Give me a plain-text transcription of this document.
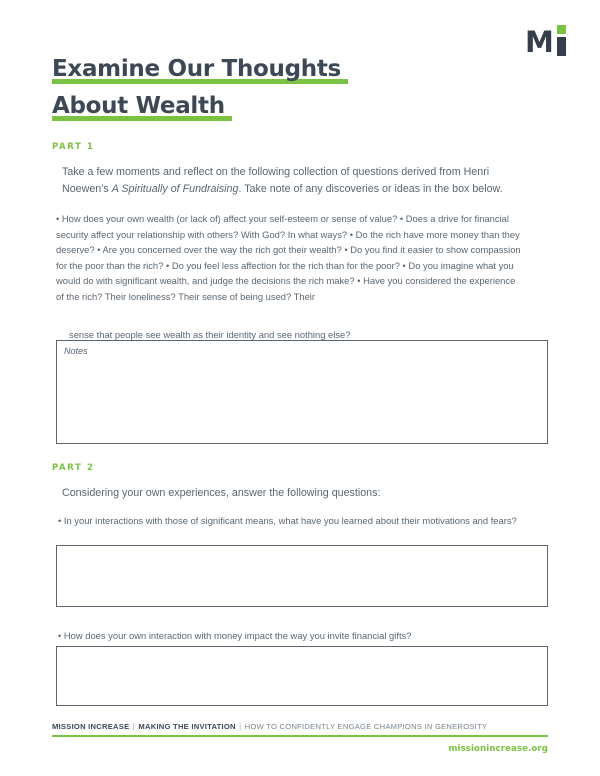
M
Examine Our Thoughts
About Wealth
PART 1
Take a few moments and reflect on the following collection of questions derived from Henri Noewen’s A Spiritually of Fundraising. Take note of any discoveries or ideas in the box below.
• How does your own wealth (or lack of) affect your self-esteem or sense of value? • Does a drive for financial security affect your relationship with others? With God? In what ways? • Do the rich have more money than they deserve? • Are you concerned over the way the rich got their wealth? • Do you find it easier to show compassion for the poor than the rich? • Do you feel less affection for the rich than for the poor? • Do you imagine what you would do with significant wealth, and judge the decisions the rich make? • Have you considered the experience of the rich? Their loneliness? Their sense of being used? Their
sense that people see wealth as their identity and see nothing else?
Notes
PART 2
Considering your own experiences, answer the following questions:
• In your interactions with those of significant means, what have you learned about their motivations and fears?
• How does your own interaction with money impact the way you invite financial gifts?
MISSION INCREASE | MAKING THE INVITATION | HOW TO CONFIDENTLY ENGAGE CHAMPIONS IN GENEROSITY
missionincrease.org
